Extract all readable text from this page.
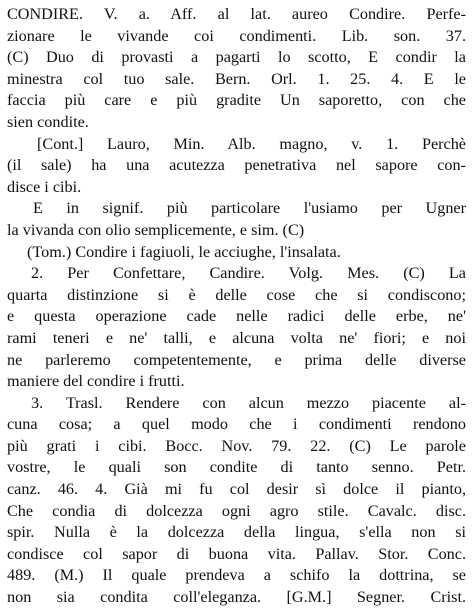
CONDIRE. V. a. Aff. al lat. aureo Condire. Perfe-
zionare le vivande coi condimenti. Lib. son. 37.
(C) Duo di provasti a pagarti lo scotto, E condir la
minestra col tuo sale. Bern. Orl. 1. 25. 4. E le
faccia più care e più gradite Un saporetto, con che
sien condite.
[Cont.] Lauro, Min. Alb. magno, v. 1. Perchè
(il sale) ha una acutezza penetrativa nel sapore con-
disce i cibi.
E in signif. più particolare l'usiamo per Ugner
la vivanda con olio semplicemente, e sim. (C)
(Tom.) Condire i fagiuoli, le acciughe, l'insalata.
2. Per Confettare, Candire. Volg. Mes. (C) La
quarta distinzione si è delle cose che si condiscono;
e questa operazione cade nelle radici delle erbe, ne'
rami teneri e ne' talli, e alcuna volta ne' fiori; e noi
ne parleremo competentemente, e prima delle diverse
maniere del condire i frutti.
3. Trasl. Rendere con alcun mezzo piacente al-
cuna cosa; a quel modo che i condimenti rendono
più grati i cibi. Bocc. Nov. 79. 22. (C) Le parole
vostre, le quali son condite di tanto senno. Petr.
canz. 46. 4. Già mi fu col desir sì dolce il pianto,
Che condia di dolcezza ogni agro stile. Cavalc. disc.
spir. Nulla è la dolcezza della lingua, s'ella non si
condisce col sapor di buona vita. Pallav. Stor. Conc.
489. (M.) Il quale prendeva a schifo la dottrina, se
non sia condita coll'eleganza. [G.M.] Segner. Crist.
